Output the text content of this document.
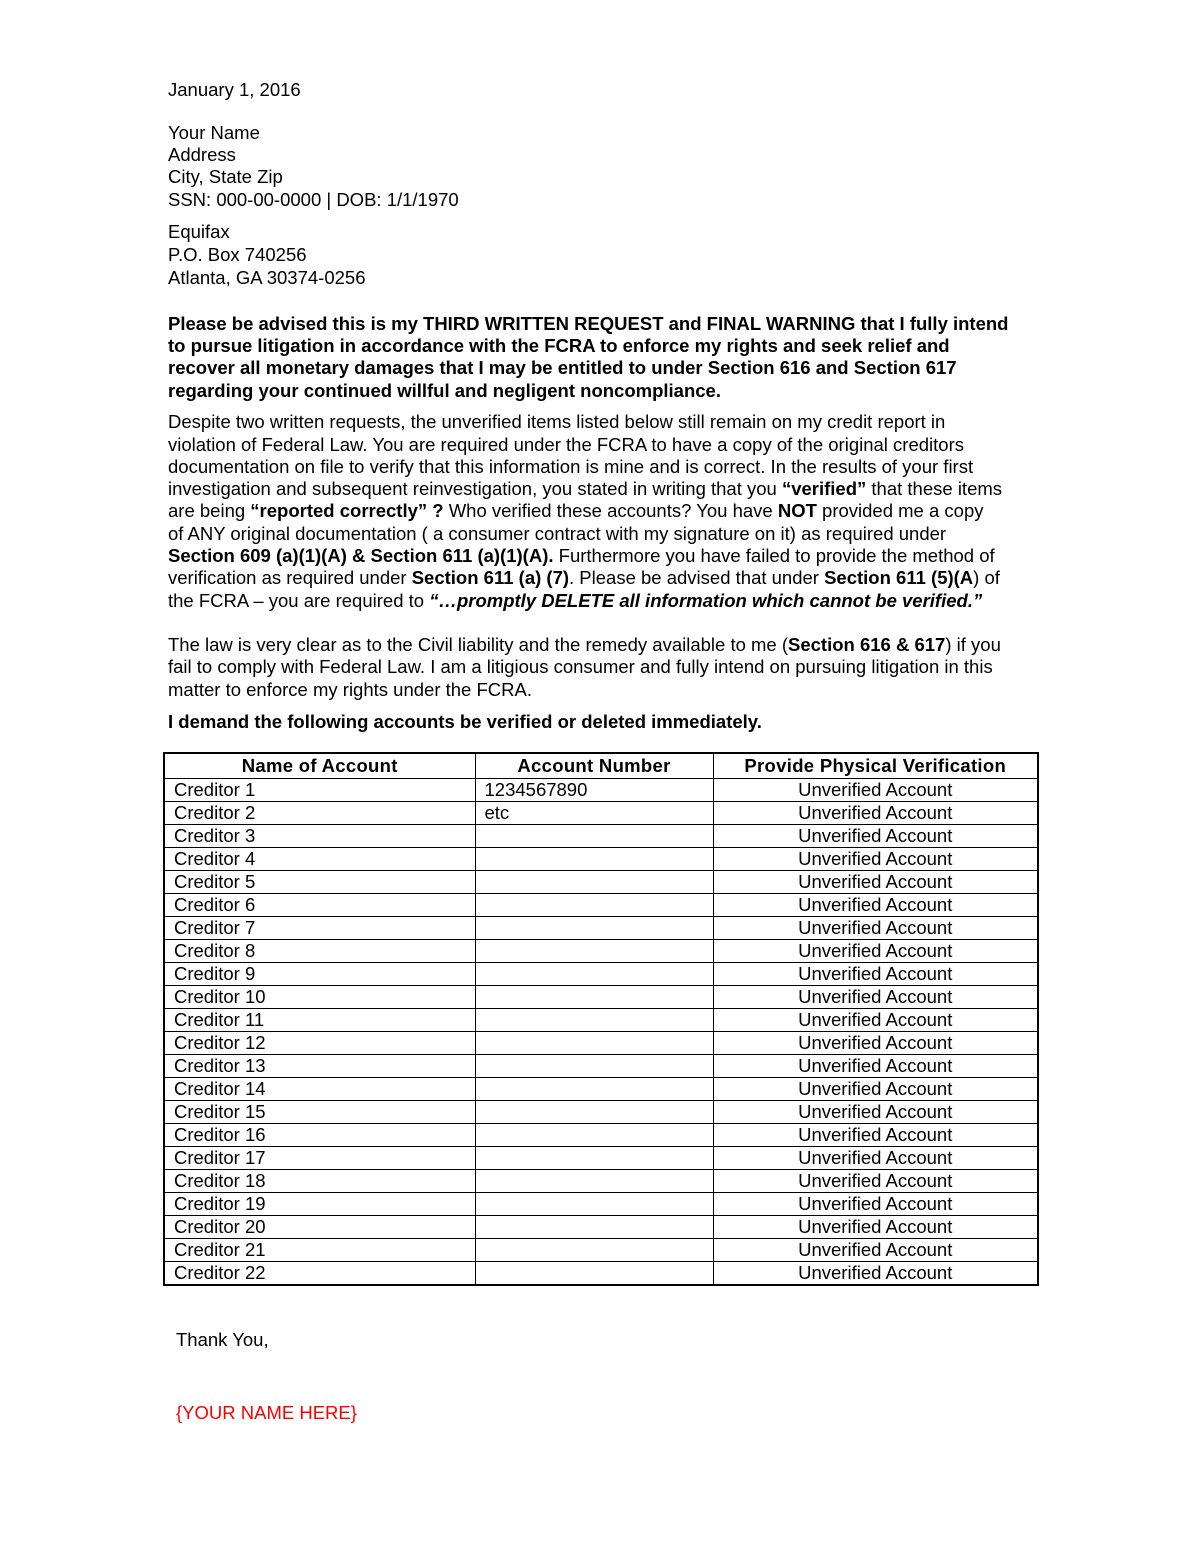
January 1, 2016
Your Name
Address
City, State Zip
SSN: 000-00-0000 | DOB: 1/1/1970
Equifax
P.O. Box 740256
Atlanta, GA 30374-0256
Please be advised this is my THIRD WRITTEN REQUEST and FINAL WARNING that I fully intend
to pursue litigation in accordance with the FCRA to enforce my rights and seek relief and
recover all monetary damages that I may be entitled to under Section 616 and Section 617
regarding your continued willful and negligent noncompliance.
Despite two written requests, the unverified items listed below still remain on my credit report in
violation of Federal Law. You are required under the FCRA to have a copy of the original creditors
documentation on file to verify that this information is mine and is correct. In the results of your first
investigation and subsequent reinvestigation, you stated in writing that you “verified” that these items
are being “reported correctly” ? Who verified these accounts? You have NOT provided me a copy
of ANY original documentation ( a consumer contract with my signature on it) as required under
Section 609 (a)(1)(A) & Section 611 (a)(1)(A). Furthermore you have failed to provide the method of
verification as required under Section 611 (a) (7). Please be advised that under Section 611 (5)(A) of
the FCRA – you are required to “…promptly DELETE all information which cannot be verified.”
The law is very clear as to the Civil liability and the remedy available to me (Section 616 & 617) if you
fail to comply with Federal Law. I am a litigious consumer and fully intend on pursuing litigation in this
matter to enforce my rights under the FCRA.
I demand the following accounts be verified or deleted immediately.
Name of Account	Account Number	Provide Physical Verification
Creditor 1	1234567890	Unverified Account
Creditor 2	etc	Unverified Account
Creditor 3		Unverified Account
Creditor 4		Unverified Account
Creditor 5		Unverified Account
Creditor 6		Unverified Account
Creditor 7		Unverified Account
Creditor 8		Unverified Account
Creditor 9		Unverified Account
Creditor 10		Unverified Account
Creditor 11		Unverified Account
Creditor 12		Unverified Account
Creditor 13		Unverified Account
Creditor 14		Unverified Account
Creditor 15		Unverified Account
Creditor 16		Unverified Account
Creditor 17		Unverified Account
Creditor 18		Unverified Account
Creditor 19		Unverified Account
Creditor 20		Unverified Account
Creditor 21		Unverified Account
Creditor 22		Unverified Account
Thank You,
{YOUR NAME HERE}
